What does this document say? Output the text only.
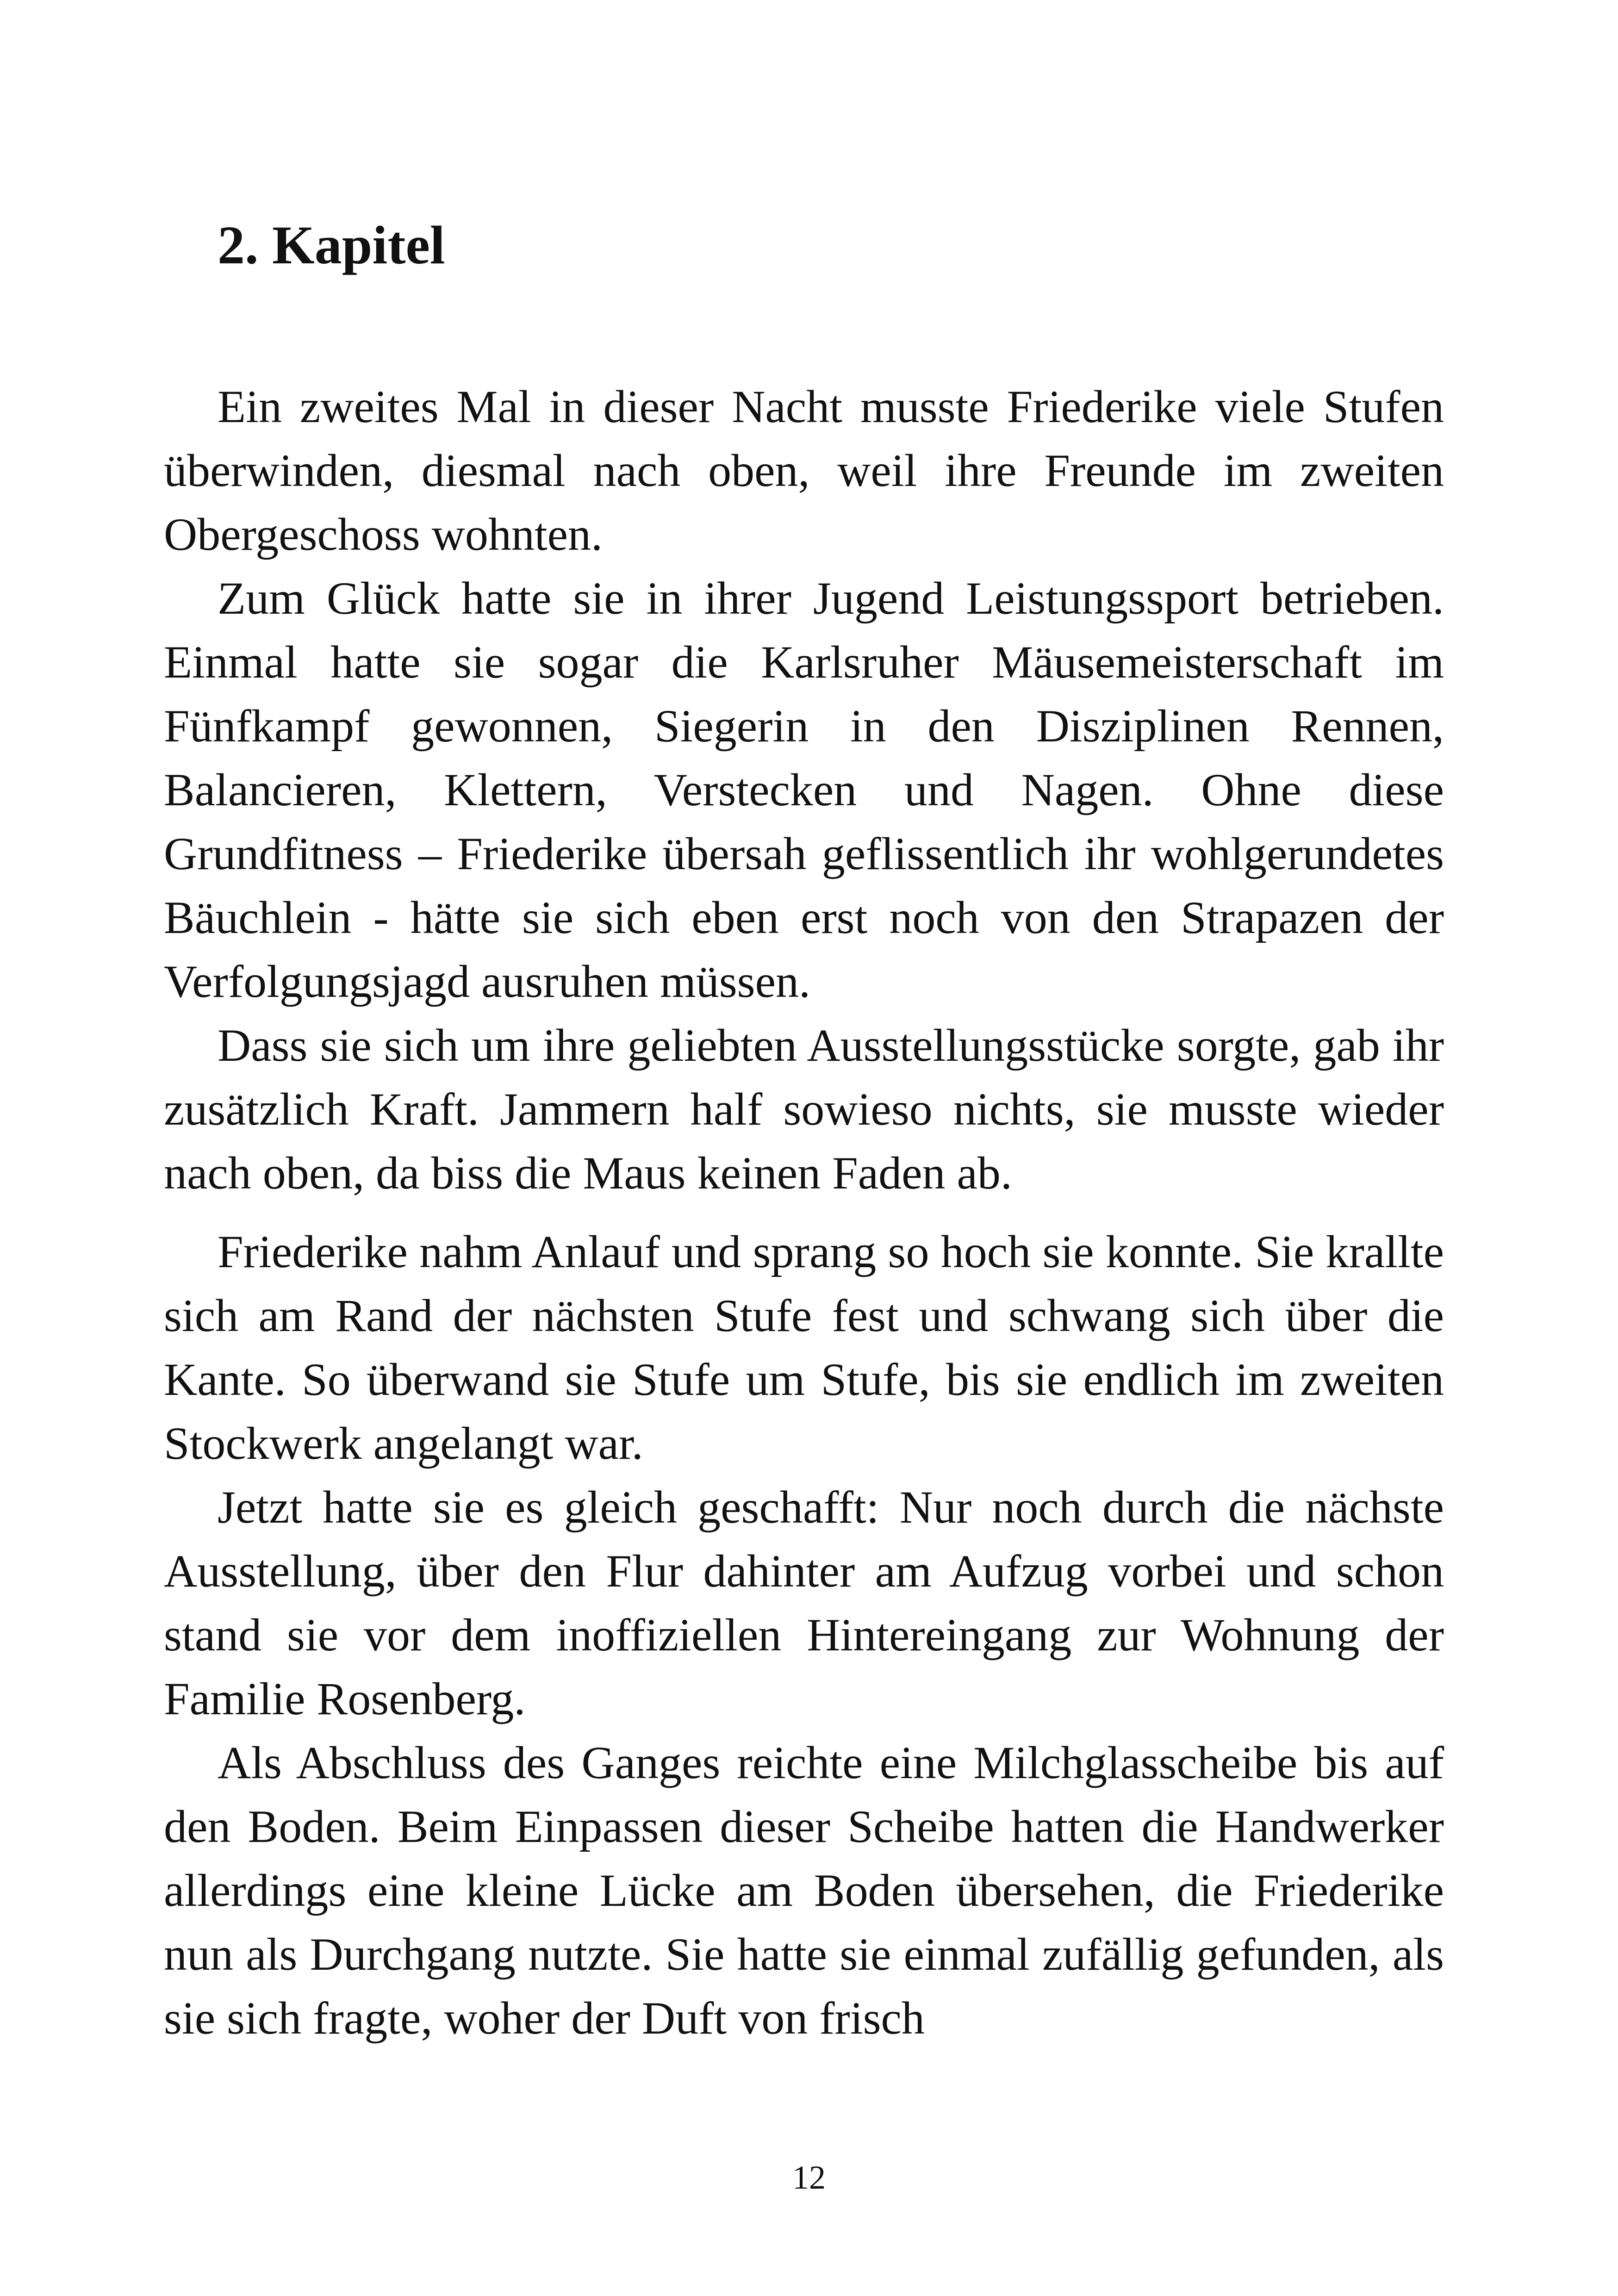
2. Kapitel

Ein zweites Mal in dieser Nacht musste Friederike viele Stufen überwinden, diesmal nach oben, weil ihre Freunde im zweiten Obergeschoss wohnten.

Zum Glück hatte sie in ihrer Jugend Leistungssport betrieben. Einmal hatte sie sogar die Karlsruher Mäusemeisterschaft im Fünfkampf gewonnen, Siegerin in den Disziplinen Rennen, Balancieren, Klettern, Verstecken und Nagen. Ohne diese Grundfitness – Friederike übersah geflissentlich ihr wohlgerundetes Bäuchlein - hätte sie sich eben erst noch von den Strapazen der Verfolgungsjagd ausruhen müssen.

Dass sie sich um ihre geliebten Ausstellungsstücke sorgte, gab ihr zusätzlich Kraft. Jammern half sowieso nichts, sie musste wieder nach oben, da biss die Maus keinen Faden ab.

Friederike nahm Anlauf und sprang so hoch sie konnte. Sie krallte sich am Rand der nächsten Stufe fest und schwang sich über die Kante. So überwand sie Stufe um Stufe, bis sie endlich im zweiten Stockwerk angelangt war.

Jetzt hatte sie es gleich geschafft: Nur noch durch die nächste Ausstellung, über den Flur dahinter am Aufzug vorbei und schon stand sie vor dem inoffiziellen Hintereingang zur Wohnung der Familie Rosenberg.

Als Abschluss des Ganges reichte eine Milchglasscheibe bis auf den Boden. Beim Einpassen dieser Scheibe hatten die Handwerker allerdings eine kleine Lücke am Boden übersehen, die Friederike nun als Durchgang nutzte. Sie hatte sie einmal zufällig gefunden, als sie sich fragte, woher der Duft von frisch

12
